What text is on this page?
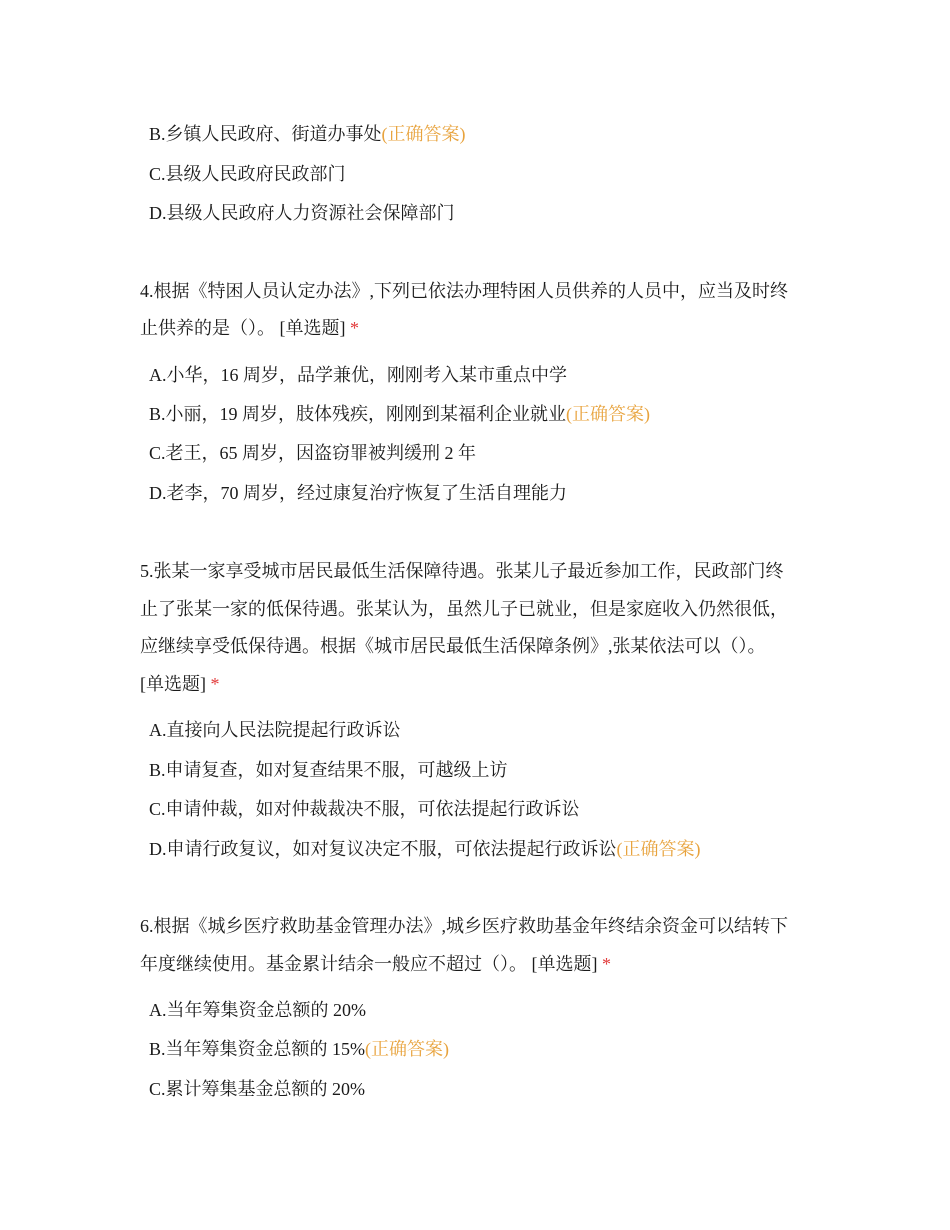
B.乡镇人民政府、街道办事处(正确答案)
C.县级人民政府民政部门
D.县级人民政府人力资源社会保障部门
4.根据《特困人员认定办法》,下列已依法办理特困人员供养的人员中，应当及时终
止供养的是（）。 [单选题] *
A.小华，16 周岁，品学兼优，刚刚考入某市重点中学
B.小丽，19 周岁，肢体残疾，刚刚到某福利企业就业(正确答案)
C.老王，65 周岁，因盗窃罪被判缓刑 2 年
D.老李，70 周岁，经过康复治疗恢复了生活自理能力
5.张某一家享受城市居民最低生活保障待遇。张某儿子最近参加工作，民政部门终
止了张某一家的低保待遇。张某认为，虽然儿子已就业，但是家庭收入仍然很低，
应继续享受低保待遇。根据《城市居民最低生活保障条例》,张某依法可以（）。
[单选题] *
A.直接向人民法院提起行政诉讼
B.申请复查，如对复查结果不服，可越级上访
C.申请仲裁，如对仲裁裁决不服，可依法提起行政诉讼
D.申请行政复议，如对复议决定不服，可依法提起行政诉讼(正确答案)
6.根据《城乡医疗救助基金管理办法》,城乡医疗救助基金年终结余资金可以结转下
年度继续使用。基金累计结余一般应不超过（）。 [单选题] *
A.当年筹集资金总额的 20%
B.当年筹集资金总额的 15%(正确答案)
C.累计筹集基金总额的 20%
